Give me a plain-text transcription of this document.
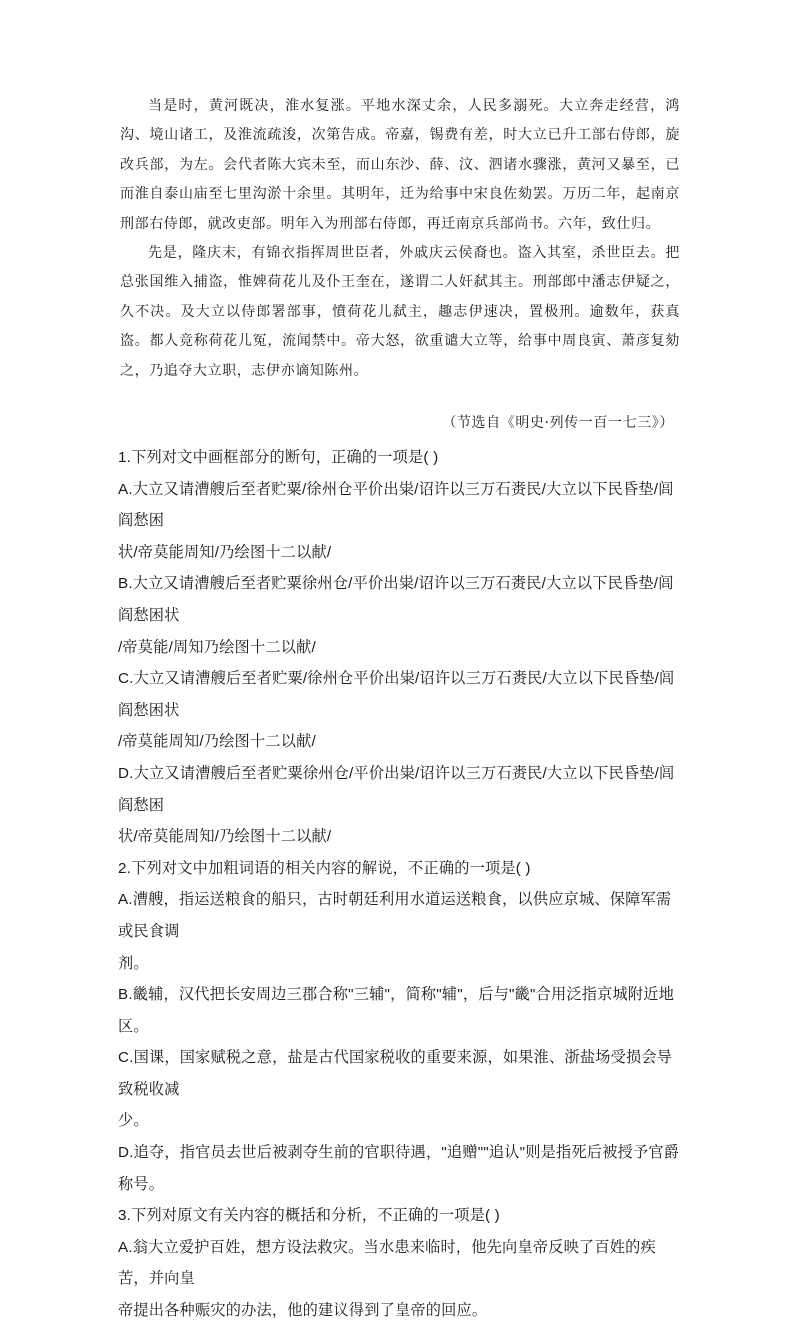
当是时，黄河既决，淮水复涨。平地水深丈余，人民多溺死。大立奔走经营，鸿沟、境山诸工，及淮流疏浚，次第告成。帝嘉，锡费有差，时大立已升工部右侍郎，旋改兵部，为左。会代者陈大宾未至，而山东沙、薛、汶、泗诸水骤涨，黄河又暴至，已而淮自泰山庙至七里沟淤十余里。其明年，迁为给事中宋良佐劾罢。万历二年，起南京刑部右侍郎，就改吏部。明年入为刑部右侍郎，再迁南京兵部尚书。六年，致仕归。

先是，隆庆末，有锦衣指挥周世臣者，外戚庆云侯裔也。盗入其室，杀世臣去。把总张国维入捕盗，惟婢荷花儿及仆王奎在，遂谓二人奸弑其主。刑部郎中潘志伊疑之，久不决。及大立以侍郎署部事，憤荷花儿弑主，趣志伊速决，置极刑。逾数年，获真盗。都人竞称荷花儿冤，流闻禁中。帝大怒，欲重谴大立等，给事中周良寅、萧彦复劾之，乃追夺大立职，志伊亦谪知陈州。

（节选自《明史·列传一百一七三》）

1.下列对文中画框部分的断句，正确的一项是( )

A.大立又请漕艘后至者贮粟/徐州仓平价出粜/诏许以三万石赉民/大立以下民昏垫/闾阎愁困

状/帝莫能周知/乃绘图十二以献/

B.大立又请漕艘后至者贮粟徐州仓/平价出粜/诏许以三万石赉民/大立以下民昏垫/闾阎愁困状

/帝莫能/周知乃绘图十二以献/

C.大立又请漕艘后至者贮粟/徐州仓平价出粜/诏许以三万石赉民/大立以下民昏垫/闾阎愁困状

/帝莫能周知/乃绘图十二以献/

D.大立又请漕艘后至者贮粟徐州仓/平价出粜/诏许以三万石赉民/大立以下民昏垫/闾阎愁困

状/帝莫能周知/乃绘图十二以献/

2.下列对文中加粗词语的相关内容的解说，不正确的一项是( )

A.漕艘，指运送粮食的船只，古时朝廷利用水道运送粮食，以供应京城、保障军需或民食调

剂。

B.畿辅，汉代把长安周边三郡合称"三辅"，简称"辅"，后与"畿"合用泛指京城附近地区。

C.国课，国家赋税之意，盐是古代国家税收的重要来源，如果淮、浙盐场受损会导致税收减

少。

D.追夺，指官员去世后被剥夺生前的官职待遇，"追赠""追认"则是指死后被授予官爵称号。

3.下列对原文有关内容的概括和分析，不正确的一项是( )

A.翁大立爱护百姓，想方设法救灾。当水患来临时，他先向皇帝反映了百姓的疾苦，并向皇

帝提出各种赈灾的办法，他的建议得到了皇帝的回应。
